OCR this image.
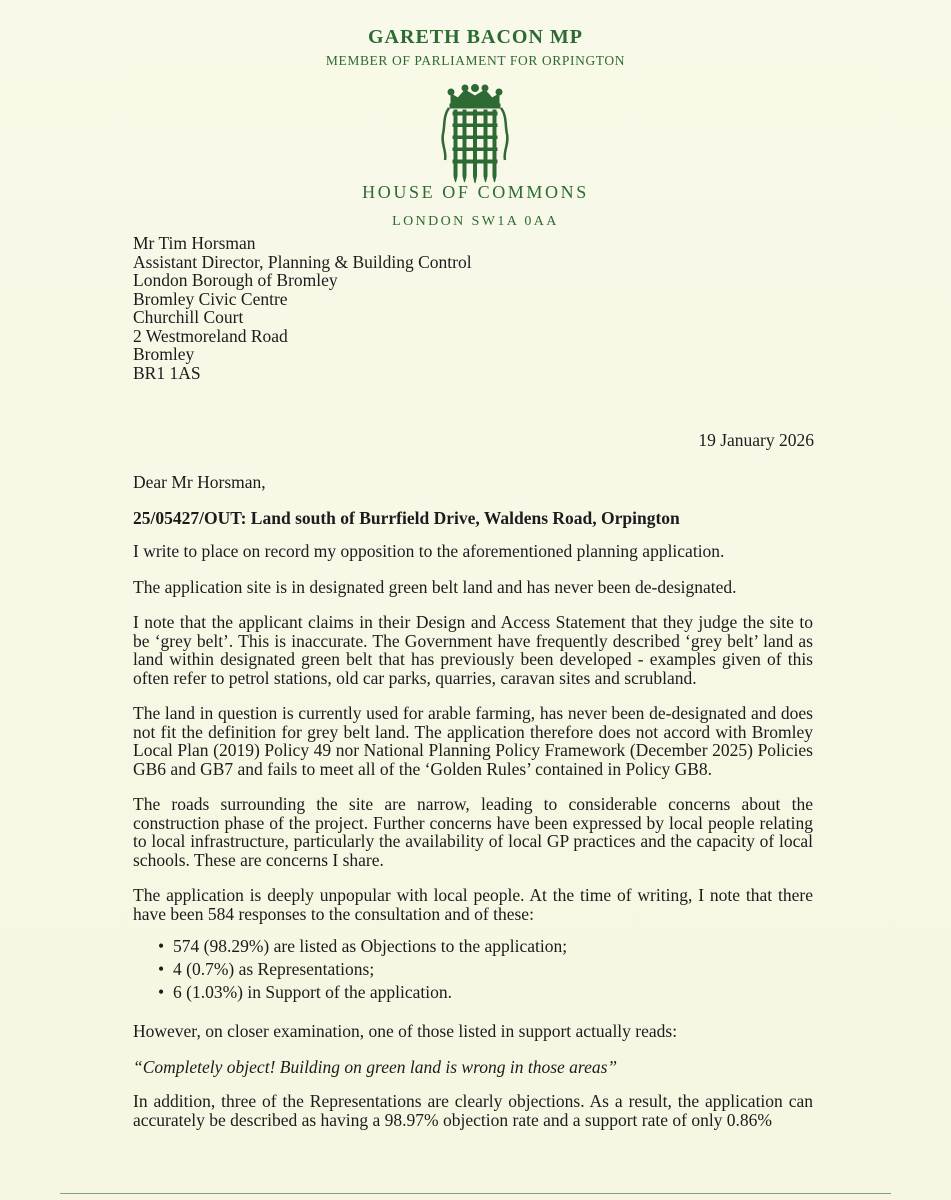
GARETH BACON MP
MEMBER OF PARLIAMENT FOR ORPINGTON
HOUSE OF COMMONS
LONDON SW1A 0AA
Mr Tim Horsman
Assistant Director, Planning & Building Control
London Borough of Bromley
Bromley Civic Centre
Churchill Court
2 Westmoreland Road
Bromley
BR1 1AS
19 January 2026

Dear Mr Horsman,

25/05427/OUT: Land south of Burrfield Drive, Waldens Road, Orpington

I write to place on record my opposition to the aforementioned planning application.

The application site is in designated green belt land and has never been de-designated.

I note that the applicant claims in their Design and Access Statement that they judge the site to be ‘grey belt’. This is inaccurate. The Government have frequently described ‘grey belt’ land as land within designated green belt that has previously been developed - examples given of this often refer to petrol stations, old car parks, quarries, caravan sites and scrubland.

The land in question is currently used for arable farming, has never been de-designated and does not fit the definition for grey belt land. The application therefore does not accord with Bromley Local Plan (2019) Policy 49 nor National Planning Policy Framework (December 2025) Policies GB6 and GB7 and fails to meet all of the ‘Golden Rules’ contained in Policy GB8.

The roads surrounding the site are narrow, leading to considerable concerns about the construction phase of the project. Further concerns have been expressed by local people relating to local infrastructure, particularly the availability of local GP practices and the capacity of local schools. These are concerns I share.

The application is deeply unpopular with local people. At the time of writing, I note that there have been 584 responses to the consultation and of these:

• 574 (98.29%) are listed as Objections to the application;
• 4 (0.7%) as Representations;
• 6 (1.03%) in Support of the application.

However, on closer examination, one of those listed in support actually reads:

“Completely object! Building on green land is wrong in those areas”

In addition, three of the Representations are clearly objections. As a result, the application can accurately be described as having a 98.97% objection rate and a support rate of only 0.86%
